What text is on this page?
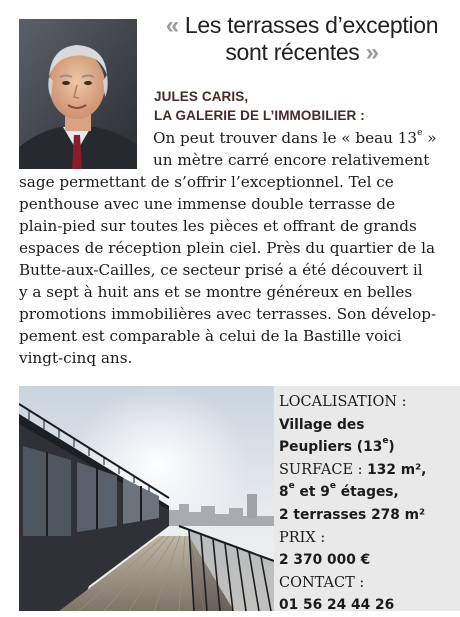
« Les terrasses d’exception
sont récentes »
JULES CARIS,
LA GALERIE DE L’IMMOBILIER :
On peut trouver dans le « beau 13e »
un mètre carré encore relativement
sage permettant de s’offrir l’exceptionnel. Tel ce
penthouse avec une immense double terrasse de
plain-pied sur toutes les pièces et offrant de grands
espaces de réception plein ciel. Près du quartier de la
Butte-aux-Cailles, ce secteur prisé a été découvert il
y a sept à huit ans et se montre généreux en belles
promotions immobilières avec terrasses. Son dévelop-
pement est comparable à celui de la Bastille voici
vingt-cinq ans.
LOCALISATION :
Village des
Peupliers (13e)
SURFACE : 132 m²,
8e et 9e étages,
2 terrasses 278 m²
PRIX :
2 370 000 €
CONTACT :
01 56 24 44 26
